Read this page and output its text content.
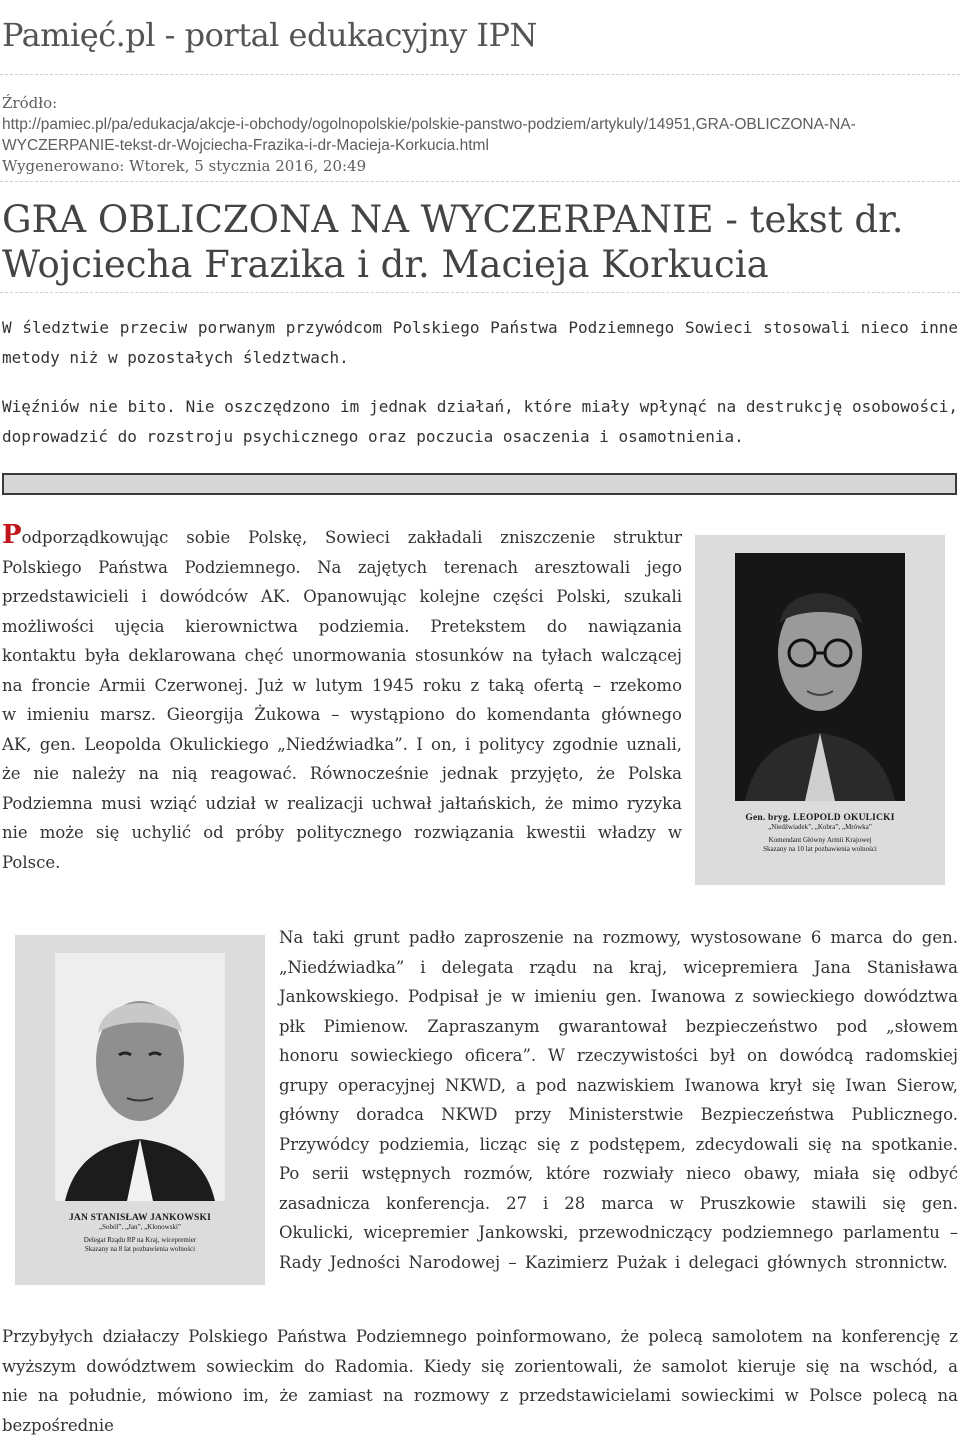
Pamięć.pl - portal edukacyjny IPN
Źródło:
http://pamiec.pl/pa/edukacja/akcje-i-obchody/ogolnopolskie/polskie-panstwo-podziem/artykuly/14951,GRA-OBLICZONA-NA-
WYCZERPANIE-tekst-dr-Wojciecha-Frazika-i-dr-Macieja-Korkucia.html
Wygenerowano: Wtorek, 5 stycznia 2016, 20:49
GRA OBLICZONA NA WYCZERPANIE - tekst dr. Wojciecha Frazika i dr. Macieja Korkucia

W śledztwie przeciw porwanym przywódcom Polskiego Państwa Podziemnego Sowieci stosowali nieco inne metody niż w pozostałych śledztwach.

Więźniów nie bito. Nie oszczędzono im jednak działań, które miały wpłynąć na destrukcję osobowości, doprowadzić do rozstroju psychicznego oraz poczucia osaczenia i osamotnienia.

Podporządkowując sobie Polskę, Sowieci zakładali zniszczenie struktur Polskiego Państwa Podziemnego. Na zajętych terenach aresztowali jego przedstawicieli i dowódców AK. Opanowując kolejne części Polski, szukali możliwości ujęcia kierownictwa podziemia. Pretekstem do nawiązania kontaktu była deklarowana chęć unormowania stosunków na tyłach walczącej na froncie Armii Czerwonej. Już w lutym 1945 roku z taką ofertą – rzekomo w imieniu marsz. Gieorgija Żukowa – wystąpiono do komendanta głównego AK, gen. Leopolda Okulickiego „Niedźwiadka”. I on, i politycy zgodnie uznali, że nie należy na nią reagować. Równocześnie jednak przyjęto, że Polska Podziemna musi wziąć udział w realizacji uchwał jałtańskich, że mimo ryzyka nie może się uchylić od próby politycznego rozwiązania kwestii władzy w Polsce.

Gen. bryg. LEOPOLD OKULICKI
„Niedźwiadek”, „Kobra”, „Mrówka”
Komendant Główny Armii Krajowej
Skazany na 10 lat pozbawienia wolności
JAN STANISŁAW JANKOWSKI
„Soból”, „Jan”, „Klonowski”
Delegat Rządu RP na Kraj, wicepremier
Skazany na 8 lat pozbawienia wolności

Na taki grunt padło zaproszenie na rozmowy, wystosowane 6 marca do gen. „Niedźwiadka” i delegata rządu na kraj, wicepremiera Jana Stanisława Jankowskiego. Podpisał je w imieniu gen. Iwanowa z sowieckiego dowództwa płk Pimienow. Zapraszanym gwarantował bezpieczeństwo pod „słowem honoru sowieckiego oficera”. W rzeczywistości był on dowódcą radomskiej grupy operacyjnej NKWD, a pod nazwiskiem Iwanowa krył się Iwan Sierow, główny doradca NKWD przy Ministerstwie Bezpieczeństwa Publicznego. Przywódcy podziemia, licząc się z podstępem, zdecydowali się na spotkanie. Po serii wstępnych rozmów, które rozwiały nieco obawy, miała się odbyć zasadnicza konferencja. 27 i 28 marca w Pruszkowie stawili się gen. Okulicki, wicepremier Jankowski, przewodniczący podziemnego parlamentu – Rady Jedności Narodowej – Kazimierz Pużak i delegaci głównych stronnictw.

Przybyłych działaczy Polskiego Państwa Podziemnego poinformowano, że polecą samolotem na konferencję z wyższym dowództwem sowieckim do Radomia. Kiedy się zorientowali, że samolot kieruje się na wschód, a nie na południe, mówiono im, że zamiast na rozmowy z przedstawicielami sowieckimi w Polsce polecą na bezpośrednie
